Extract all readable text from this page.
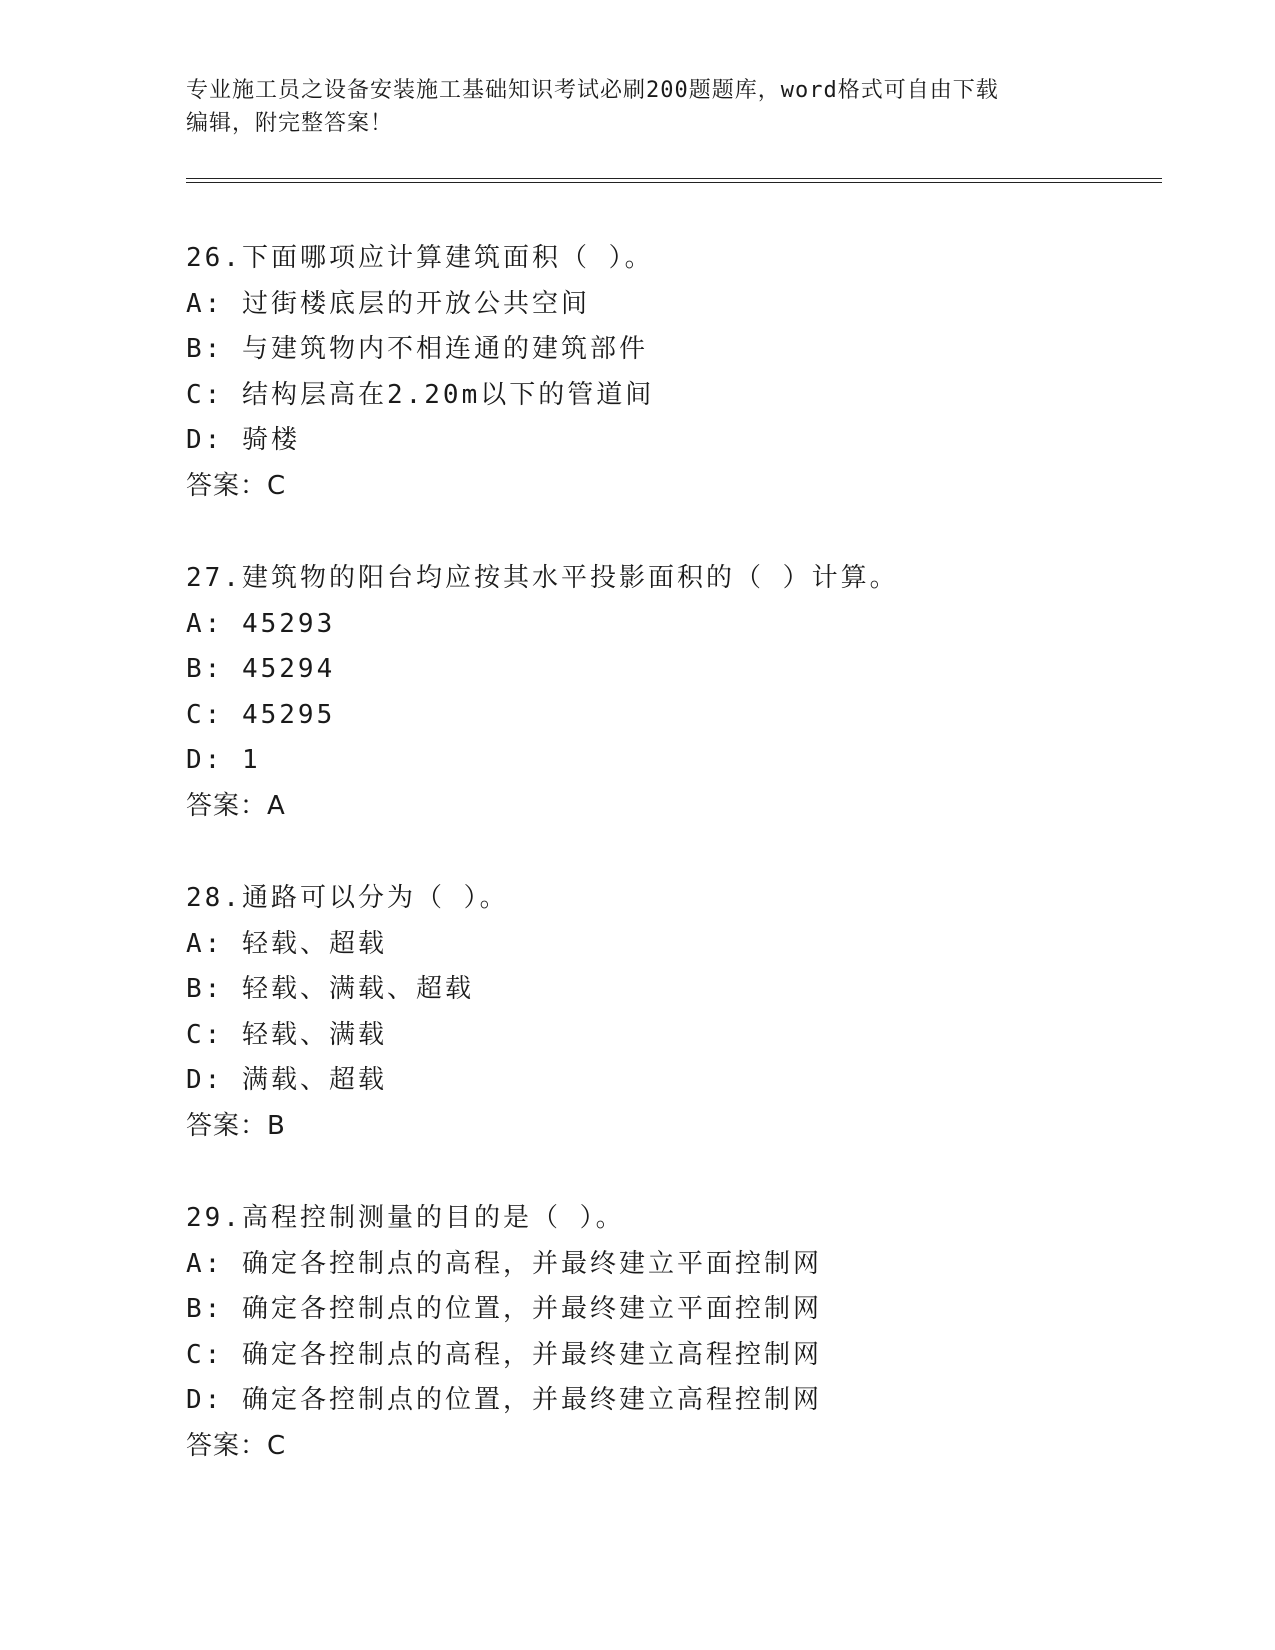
专业施工员之设备安装施工基础知识考试必刷200题题库，word格式可自由下载
编辑，附完整答案！
26.下面哪项应计算建筑面积（ ）。
A: 过街楼底层的开放公共空间
B: 与建筑物内不相连通的建筑部件
C: 结构层高在2.20m以下的管道间
D: 骑楼
答案：C
27.建筑物的阳台均应按其水平投影面积的（ ）计算。
A: 45293
B: 45294
C: 45295
D: 1
答案：A
28.通路可以分为（ ）。
A: 轻载、超载
B: 轻载、满载、超载
C: 轻载、满载
D: 满载、超载
答案：B
29.高程控制测量的目的是（ ）。
A: 确定各控制点的高程，并最终建立平面控制网
B: 确定各控制点的位置，并最终建立平面控制网
C: 确定各控制点的高程，并最终建立高程控制网
D: 确定各控制点的位置，并最终建立高程控制网
答案：C
